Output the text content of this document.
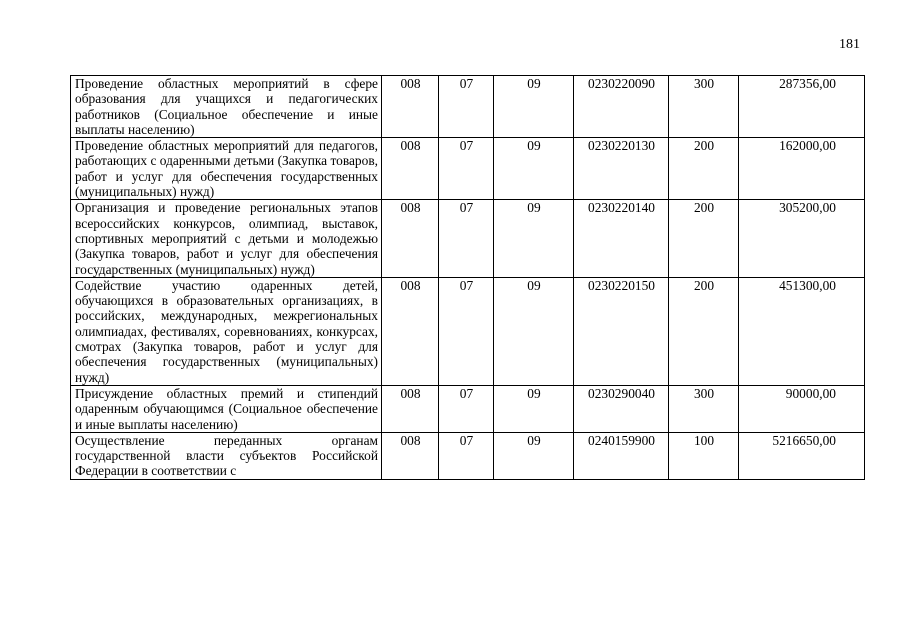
181
Проведение областных мероприятий в сфере образования для учащихся и педагогических работников (Социальное обеспечение и иные выплаты населению)	008	07	09	0230220090	300	287356,00
Проведение областных мероприятий для педагогов, работающих с одаренными детьми (Закупка товаров, работ и услуг для обеспечения государственных (муниципальных) нужд)	008	07	09	0230220130	200	162000,00
Организация и проведение региональных этапов всероссийских конкурсов, олимпиад, выставок, спортивных мероприятий с детьми и молодежью (Закупка товаров, работ и услуг для обеспечения государственных (муниципальных) нужд)	008	07	09	0230220140	200	305200,00
Содействие участию одаренных детей, обучающихся в образовательных организациях, в российских, международных, межрегиональных олимпиадах, фестивалях, соревнованиях, конкурсах, смотрах (Закупка товаров, работ и услуг для обеспечения государственных (муниципальных) нужд)	008	07	09	0230220150	200	451300,00
Присуждение областных премий и стипендий одаренным обучающимся (Социальное обеспечение и иные выплаты населению)	008	07	09	0230290040	300	90000,00
Осуществление переданных органам государственной власти субъектов Российской Федерации в соответствии с	008	07	09	0240159900	100	5216650,00
